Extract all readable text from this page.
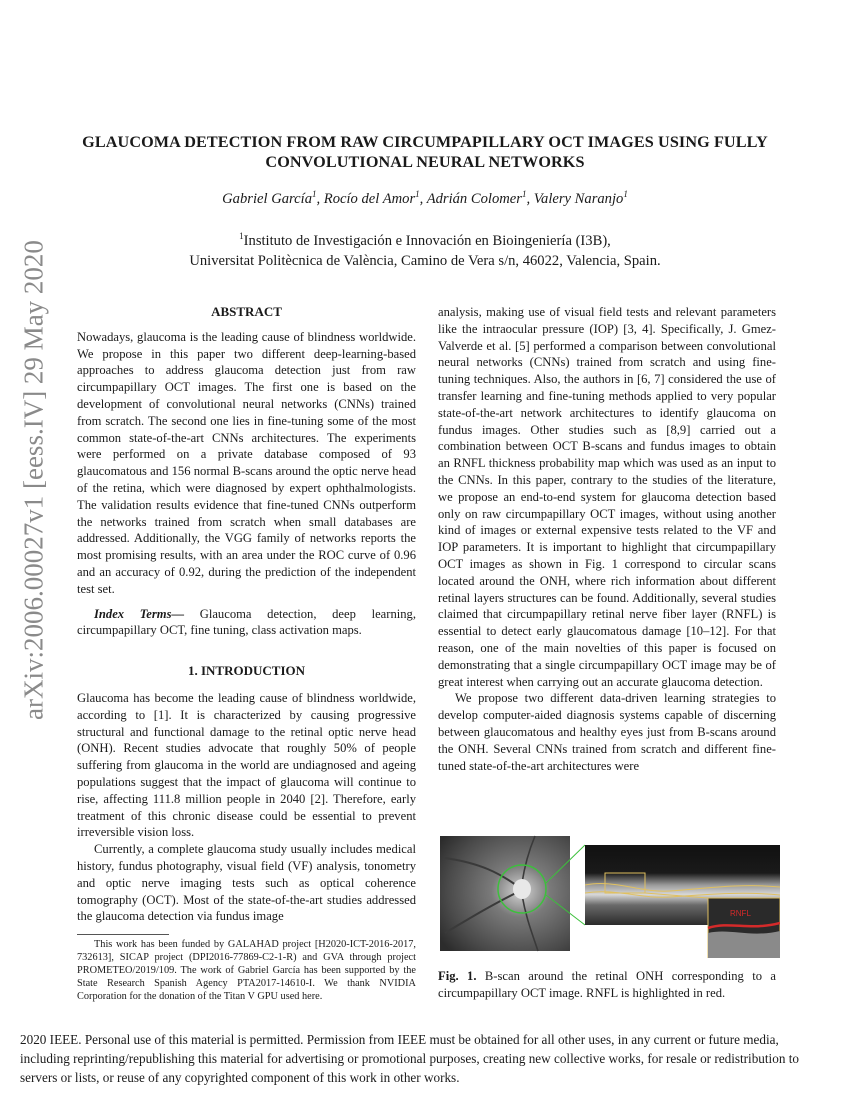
arXiv:2006.00027v1 [eess.IV] 29 May 2020
GLAUCOMA DETECTION FROM RAW CIRCUMPAPILLARY OCT IMAGES USING FULLY CONVOLUTIONAL NEURAL NETWORKS
Gabriel García$^1$, Rocío del Amor$^1$, Adrián Colomer$^1$, Valery Naranjo$^1$
$^1$Instituto de Investigación e Innovación en Bioingeniería (I3B),
Universitat Politècnica de València, Camino de Vera s/n, 46022, Valencia, Spain.
ABSTRACT

Nowadays, glaucoma is the leading cause of blindness worldwide. We propose in this paper two different deep-learning-based approaches to address glaucoma detection just from raw circumpapillary OCT images. The first one is based on the development of convolutional neural networks (CNNs) trained from scratch. The second one lies in fine-tuning some of the most common state-of-the-art CNNs architectures. The experiments were performed on a private database composed of 93 glaucomatous and 156 normal B-scans around the optic nerve head of the retina, which were diagnosed by expert ophthalmologists. The validation results evidence that fine-tuned CNNs outperform the networks trained from scratch when small databases are addressed. Additionally, the VGG family of networks reports the most promising results, with an area under the ROC curve of 0.96 and an accuracy of 0.92, during the prediction of the independent test set.

Index Terms— Glaucoma detection, deep learning, circumpapillary OCT, fine tuning, class activation maps.

1. INTRODUCTION

Glaucoma has become the leading cause of blindness worldwide, according to [1]. It is characterized by causing progressive structural and functional damage to the retinal optic nerve head (ONH). Recent studies advocate that roughly 50% of people suffering from glaucoma in the world are undiagnosed and ageing populations suggest that the impact of glaucoma will continue to rise, affecting 111.8 million people in 2040 [2]. Therefore, early treatment of this chronic disease could be essential to prevent irreversible vision loss.

Currently, a complete glaucoma study usually includes medical history, fundus photography, visual field (VF) analysis, tonometry and optic nerve imaging tests such as optical coherence tomography (OCT). Most of the state-of-the-art studies addressed the glaucoma detection via fundus image

analysis, making use of visual field tests and relevant parameters like the intraocular pressure (IOP) [3, 4]. Specifically, J. Gmez-Valverde et al. [5] performed a comparison between convolutional neural networks (CNNs) trained from scratch and using fine-tuning techniques. Also, the authors in [6, 7] considered the use of transfer learning and fine-tuning methods applied to very popular state-of-the-art network architectures to identify glaucoma on fundus images. Other studies such as [8,9] carried out a combination between OCT B-scans and fundus images to obtain an RNFL thickness probability map which was used as an input to the CNNs. In this paper, contrary to the studies of the literature, we propose an end-to-end system for glaucoma detection based only on raw circumpapillary OCT images, without using another kind of images or external expensive tests related to the VF and IOP parameters. It is important to highlight that circumpapillary OCT images as shown in Fig. 1 correspond to circular scans located around the ONH, where rich information about different retinal layers structures can be found. Additionally, several studies claimed that circumpapillary retinal nerve fiber layer (RNFL) is essential to detect early glaucomatous damage [10–12]. For that reason, one of the main novelties of this paper is focused on demonstrating that a single circumpapillary OCT image may be of great interest when carrying out an accurate glaucoma detection.

We propose two different data-driven learning strategies to develop computer-aided diagnosis systems capable of discerning between glaucomatous and healthy eyes just from B-scans around the ONH. Several CNNs trained from scratch and different fine-tuned state-of-the-art architectures were

RNFL
Fig. 1. B-scan around the retinal ONH corresponding to a circumpapillary OCT image. RNFL is highlighted in red.

This work has been funded by GALAHAD project [H2020-ICT-2016-2017, 732613], SICAP project (DPI2016-77869-C2-1-R) and GVA through project PROMETEO/2019/109. The work of Gabriel García has been supported by the State Research Spanish Agency PTA2017-14610-I. We thank NVIDIA Corporation for the donation of the Titan V GPU used here.

2020 IEEE. Personal use of this material is permitted. Permission from IEEE must be obtained for all other uses, in any current or future media, including reprinting/republishing this material for advertising or promotional purposes, creating new collective works, for resale or redistribution to servers or lists, or reuse of any copyrighted component of this work in other works.
